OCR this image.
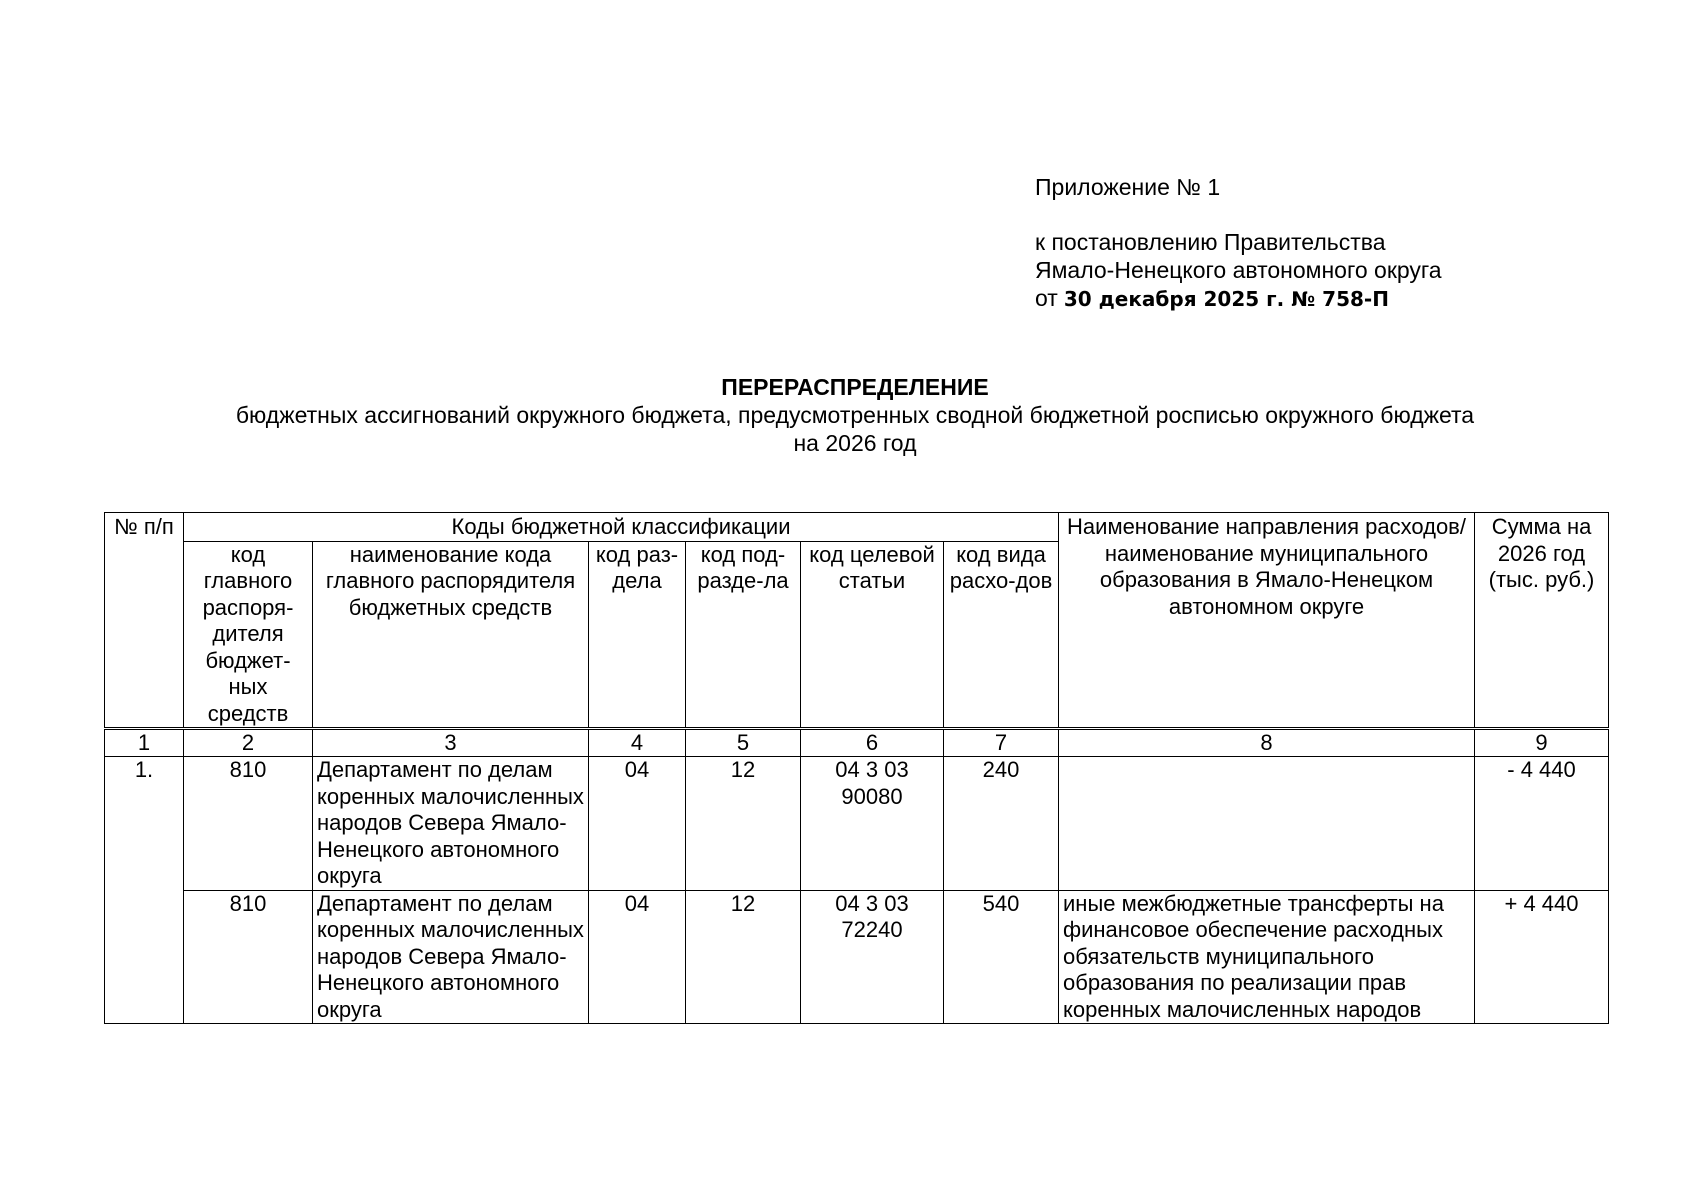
Приложение № 1
к постановлению Правительства
Ямало-Ненецкого автономного округа
от 30 декабря 2025 г. № 758-П
ПЕРЕРАСПРЕДЕЛЕНИЕ
бюджетных ассигнований окружного бюджета, предусмотренных сводной бюджетной росписью окружного бюджета
на 2026 год
№ п/п	Коды бюджетной классификации						Наименование направления расходов/наименование муниципального образования в Ямало-Ненецком автономном округе	Сумма на 2026 год (тыс. руб.)
	код главного распоря-дителя бюджет-ных средств	наименование кода главного распорядителя бюджетных средств	код раз-дела	код под-разде-ла	код целевой статьи	код вида расхо-дов		
1	2	3	4	5	6	7	8	9
1.	810	Департамент по делам коренных малочисленных народов Севера Ямало-Ненецкого автономного округа	04	12	04 3 03 90080	240		- 4 440
	810	Департамент по делам коренных малочисленных народов Севера Ямало-Ненецкого автономного округа	04	12	04 3 03 72240	540	иные межбюджетные трансферты на финансовое обеспечение расходных обязательств муниципального образования по реализации прав коренных малочисленных народов	+ 4 440
